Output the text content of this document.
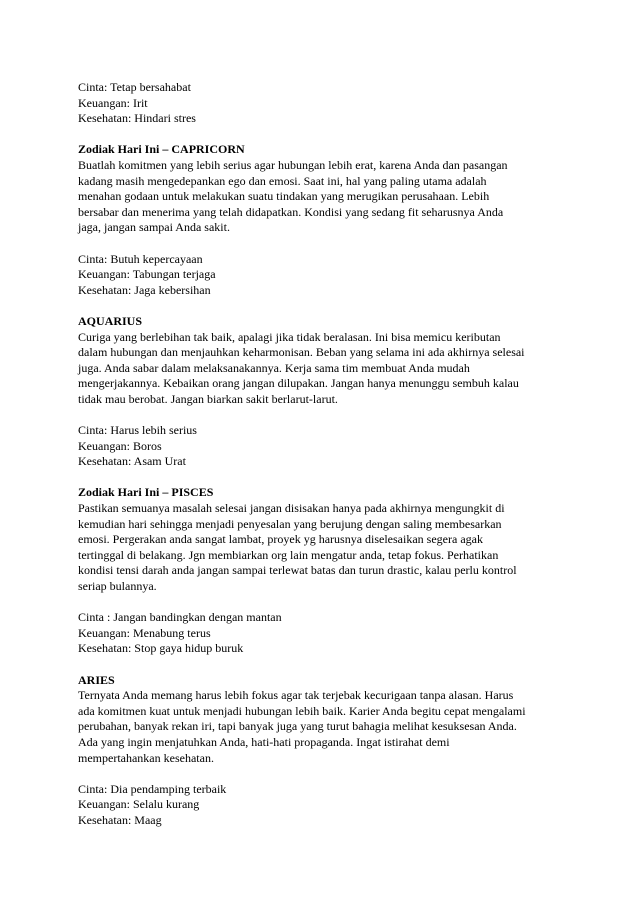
Cinta: Tetap bersahabat
Keuangan: Irit
Kesehatan: Hindari stres
Zodiak Hari Ini – CAPRICORN
Buatlah komitmen yang lebih serius agar hubungan lebih erat, karena Anda dan pasangan
kadang masih mengedepankan ego dan emosi. Saat ini, hal yang paling utama adalah
menahan godaan untuk melakukan suatu tindakan yang merugikan perusahaan. Lebih
bersabar dan menerima yang telah didapatkan. Kondisi yang sedang fit seharusnya Anda
jaga, jangan sampai Anda sakit.
Cinta: Butuh kepercayaan
Keuangan: Tabungan terjaga
Kesehatan: Jaga kebersihan
AQUARIUS
Curiga yang berlebihan tak baik, apalagi jika tidak beralasan. Ini bisa memicu keributan
dalam hubungan dan menjauhkan keharmonisan. Beban yang selama ini ada akhirnya selesai
juga. Anda sabar dalam melaksanakannya. Kerja sama tim membuat Anda mudah
mengerjakannya. Kebaikan orang jangan dilupakan. Jangan hanya menunggu sembuh kalau
tidak mau berobat. Jangan biarkan sakit berlarut-larut.
Cinta: Harus lebih serius
Keuangan: Boros
Kesehatan: Asam Urat
Zodiak Hari Ini – PISCES
Pastikan semuanya masalah selesai jangan disisakan hanya pada akhirnya mengungkit di
kemudian hari sehingga menjadi penyesalan yang berujung dengan saling membesarkan
emosi. Pergerakan anda sangat lambat, proyek yg harusnya diselesaikan segera agak
tertinggal di belakang. Jgn membiarkan org lain mengatur anda, tetap fokus. Perhatikan
kondisi tensi darah anda jangan sampai terlewat batas dan turun drastic, kalau perlu kontrol
seriap bulannya.
Cinta : Jangan bandingkan dengan mantan
Keuangan: Menabung terus
Kesehatan: Stop gaya hidup buruk
ARIES
Ternyata Anda memang harus lebih fokus agar tak terjebak kecurigaan tanpa alasan. Harus
ada komitmen kuat untuk menjadi hubungan lebih baik. Karier Anda begitu cepat mengalami
perubahan, banyak rekan iri, tapi banyak juga yang turut bahagia melihat kesuksesan Anda.
Ada yang ingin menjatuhkan Anda, hati-hati propaganda. Ingat istirahat demi
mempertahankan kesehatan.
Cinta: Dia pendamping terbaik
Keuangan: Selalu kurang
Kesehatan: Maag
